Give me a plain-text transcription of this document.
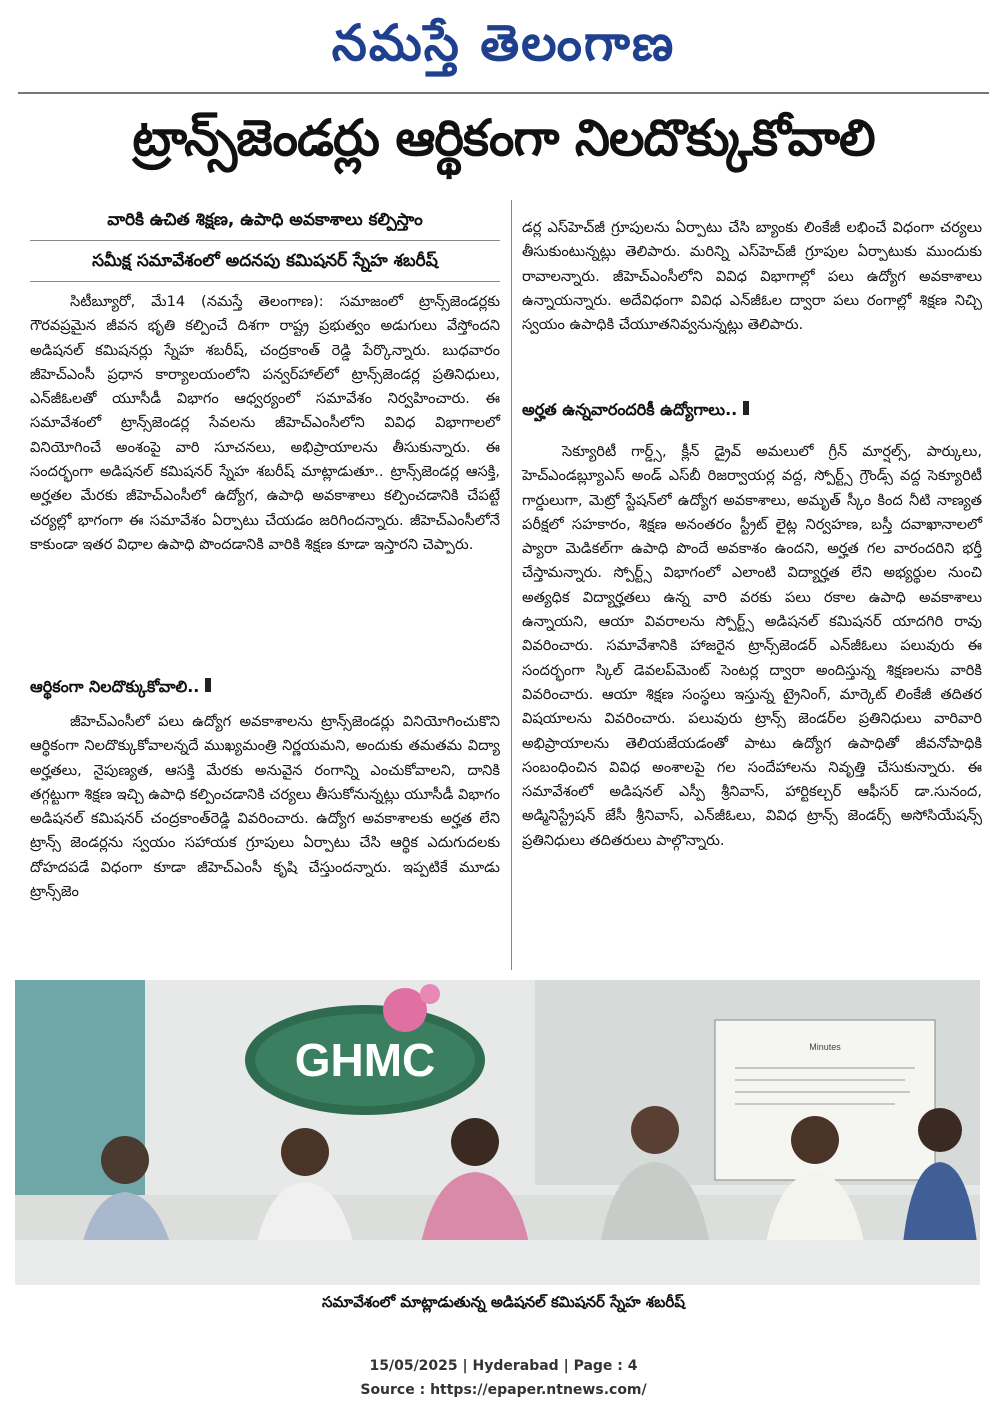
నమస్తే తెలంగాణ
ట్రాన్స్‌జెండర్లు ఆర్థికంగా నిలదొక్కుకోవాలి
వారికి ఉచిత శిక్షణ, ఉపాధి అవకాశాలు కల్పిస్తాం
సమీక్ష సమావేశంలో అదనపు కమిషనర్ స్నేహ శబరీష్

సిటీబ్యూరో, మే14 (నమస్తే తెలంగాణ): సమాజంలో ట్రాన్స్‌జెండర్లకు గౌరవప్రమైన జీవన భృతి కల్పించే దిశగా రాష్ట్ర ప్రభుత్వం అడుగులు వేస్తోందని అడిషనల్ కమిషనర్లు స్నేహ శబరీష్, చంద్రకాంత్ రెడ్డి పేర్కొన్నారు. బుధవారం జీహెచ్‌ఎంసీ ప్రధాన కార్యాలయంలోని పన్వర్‌హాల్‌లో ట్రాన్స్‌జెండర్ల ప్రతినిధులు, ఎన్‌జీఓలతో యూసీడీ విభాగం ఆధ్వర్యంలో సమావేశం నిర్వహించారు. ఈ సమావేశంలో ట్రాన్స్‌జెండర్ల సేవలను జీహెచ్‌ఎంసీలోని వివిధ విభాగాలలో వినియోగించే అంశంపై వారి సూచనలు, అభిప్రాయాలను తీసుకున్నారు. ఈ సందర్భంగా అడిషనల్ కమిషనర్ స్నేహ శబరీష్ మాట్లాడుతూ.. ట్రాన్స్‌జెండర్ల ఆసక్తి, అర్హతల మేరకు జీహెచ్‌ఎంసీలో ఉద్యోగ, ఉపాధి అవకాశాలు కల్పించడానికి చేపట్టే చర్యల్లో భాగంగా ఈ సమావేశం ఏర్పాటు చేయడం జరిగిందన్నారు. జీహెచ్‌ఎంసీలోనే కాకుండా ఇతర విధాల ఉపాధి పొందడానికి వారికి శిక్షణ కూడా ఇస్తారని చెప్పారు.

ఆర్థికంగా నిలదొక్కుకోవాలి..

జీహెచ్‌ఎంసీలో పలు ఉద్యోగ అవకాశాలను ట్రాన్స్‌జెండర్లు వినియోగించుకొని ఆర్థికంగా నిలదొక్కుకోవాలన్నదే ముఖ్యమంత్రి నిర్ణయమని, అందుకు తమతమ విద్యా అర్హతలు, నైపుణ్యత, ఆసక్తి మేరకు అనువైన రంగాన్ని ఎంచుకోవాలని, దానికి తగ్గట్టుగా శిక్షణ ఇచ్చి ఉపాధి కల్పించడానికి చర్యలు తీసుకోనున్నట్లు యూసీడీ విభాగం అడిషనల్ కమిషనర్ చంద్రకాంత్‌రెడ్డి వివరించారు. ఉద్యోగ అవకాశాలకు అర్హత లేని ట్రాన్స్ జెండర్లను స్వయం సహాయక గ్రూపులు ఏర్పాటు చేసి ఆర్థిక ఎదుగుదలకు దోహదపడే విధంగా కూడా జీహెచ్‌ఎంసీ కృషి చేస్తుందన్నారు. ఇప్పటికే మూడు ట్రాన్స్‌జెం

డర్ల ఎస్‌హెచ్‌జీ గ్రూపులను ఏర్పాటు చేసి బ్యాంకు లింకేజీ లభించే విధంగా చర్యలు తీసుకుంటున్నట్లు తెలిపారు. మరిన్ని ఎస్‌హెచ్‌జీ గ్రూపుల ఏర్పాటుకు ముందుకు రావాలన్నారు. జీహెచ్‌ఎంసీలోని వివిధ విభాగాల్లో పలు ఉద్యోగ అవకాశాలు ఉన్నాయన్నారు. అదేవిధంగా వివిధ ఎన్‌జీఓల ద్వారా పలు రంగాల్లో శిక్షణ నిచ్చి స్వయం ఉపాధికి చేయూతనివ్వనున్నట్లు తెలిపారు.

అర్హత ఉన్నవారందరికీ ఉద్యోగాలు..

సెక్యూరిటీ గార్డ్స్, క్లీన్ డ్రైవ్ అమలులో గ్రీన్ మార్షల్స్, పార్కులు, హెచ్‌ఎండబ్ల్యూఎస్ అండ్ ఎస్‌బీ రిజర్వాయర్ల వద్ద, స్పోర్ట్స్ గ్రౌండ్స్ వద్ద సెక్యూరిటీ గార్డులుగా, మెట్రో స్టేషన్‌లో ఉద్యోగ అవకాశాలు, అమృత్ స్కీం కింద నీటి నాణ్యత పరీక్షలో సహకారం, శిక్షణ అనంతరం స్ట్రీట్ లైట్ల నిర్వహణ, బస్తీ దవాఖానాలలో ప్యారా మెడికల్‌గా ఉపాధి పొందే అవకాశం ఉందని, అర్హత గల వారందరిని భర్తీ చేస్తామన్నారు. స్పోర్ట్స్ విభాగంలో ఎలాంటి విద్యార్హత లేని అభ్యర్థుల నుంచి అత్యధిక విద్యార్హతలు ఉన్న వారి వరకు పలు రకాల ఉపాధి అవకాశాలు ఉన్నాయని, ఆయా వివరాలను స్పోర్ట్స్ అడిషనల్ కమిషనర్ యాదగిరి రావు వివరించారు. సమావేశానికి హాజరైన ట్రాన్స్‌జెండర్ ఎన్‌జీఓలు పలువురు ఈ సందర్భంగా స్కిల్ డెవలప్‌మెంట్ సెంటర్ల ద్వారా అందిస్తున్న శిక్షణలను వారికి వివరించారు. ఆయా శిక్షణ సంస్థలు ఇస్తున్న ట్రైనింగ్, మార్కెట్ లింకేజీ తదితర విషయాలను వివరించారు. పలువురు ట్రాన్స్ జెండర్‌ల ప్రతినిధులు వారివారి అభిప్రాయాలను తెలియజేయడంతో పాటు ఉద్యోగ ఉపాధితో జీవనోపాధికి సంబంధించిన వివిధ అంశాలపై గల సందేహాలను నివృత్తి చేసుకున్నారు. ఈ సమావేశంలో అడిషనల్ ఎస్పీ శ్రీనివాస్, హార్టికల్చర్ ఆఫీసర్ డా.సునంద, అడ్మినిస్ట్రేషన్ జేసీ శ్రీనివాస్, ఎన్‌జీఓలు, వివిధ ట్రాన్స్ జెండర్స్ అసోసియేషన్స్ ప్రతినిధులు తదితరులు పాల్గొన్నారు.

GHMC	Minutes
సమావేశంలో మాట్లాడుతున్న అడిషనల్ కమిషనర్ స్నేహ శబరీష్
15/05/2025 | Hyderabad | Page : 4
Source : https://epaper.ntnews.com/
